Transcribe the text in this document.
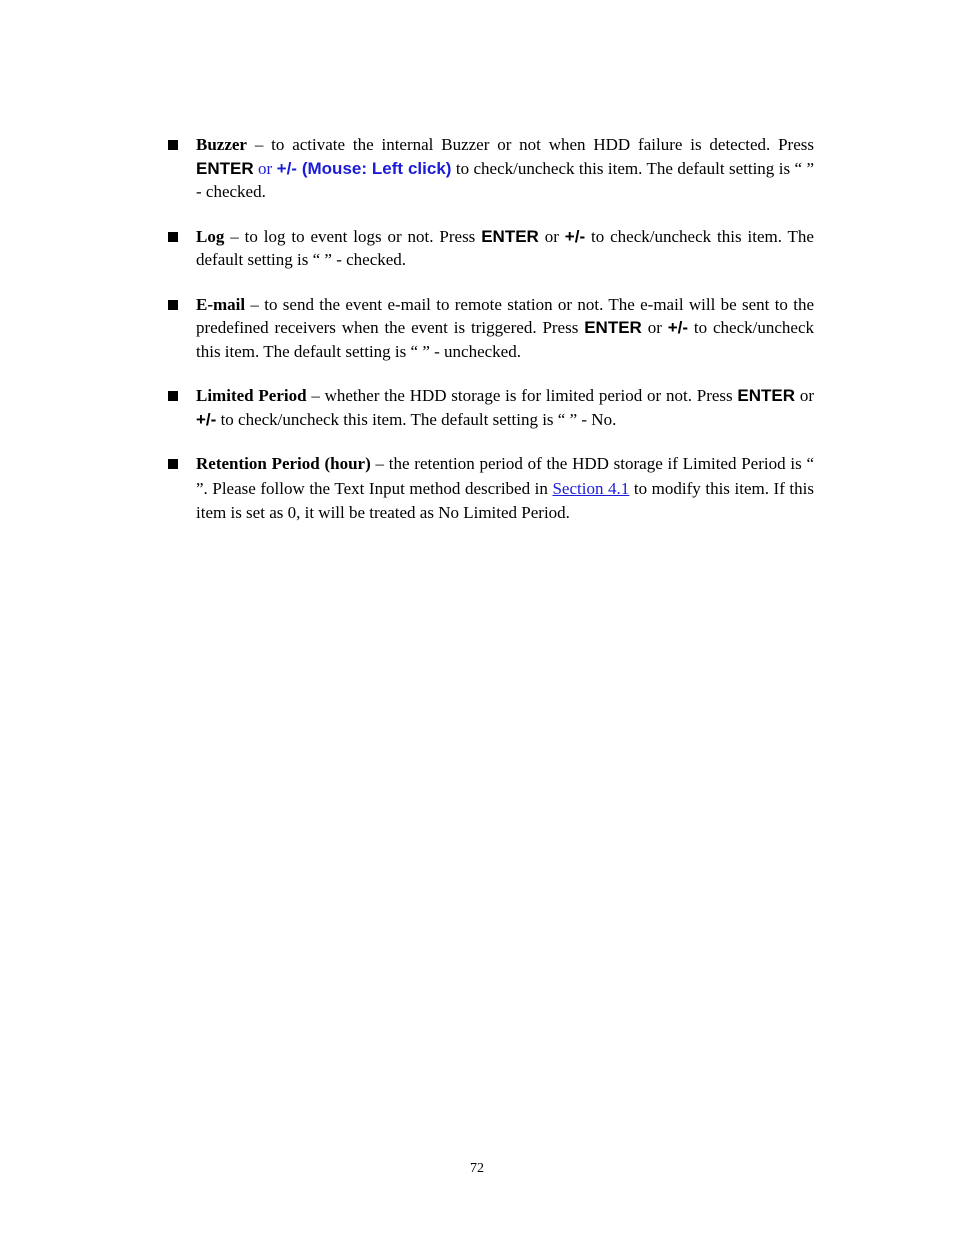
Buzzer – to activate the internal Buzzer or not when HDD failure is detected. Press ENTER or +/- (Mouse: Left click) to check/uncheck this item. The default setting is “ ” - checked.
Log – to log to event logs or not. Press ENTER or +/- to check/uncheck this item. The default setting is “ ” - checked.
E-mail – to send the event e-mail to remote station or not. The e-mail will be sent to the predefined receivers when the event is triggered. Press ENTER or +/- to check/uncheck this item. The default setting is “ ” - unchecked.
Limited Period – whether the HDD storage is for limited period or not. Press ENTER or +/- to check/uncheck this item. The default setting is “ ” - No.
Retention Period (hour) – the retention period of the HDD storage if Limited Period is “ ”. Please follow the Text Input method described in Section 4.1 to modify this item. If this item is set as 0, it will be treated as No Limited Period.
72
